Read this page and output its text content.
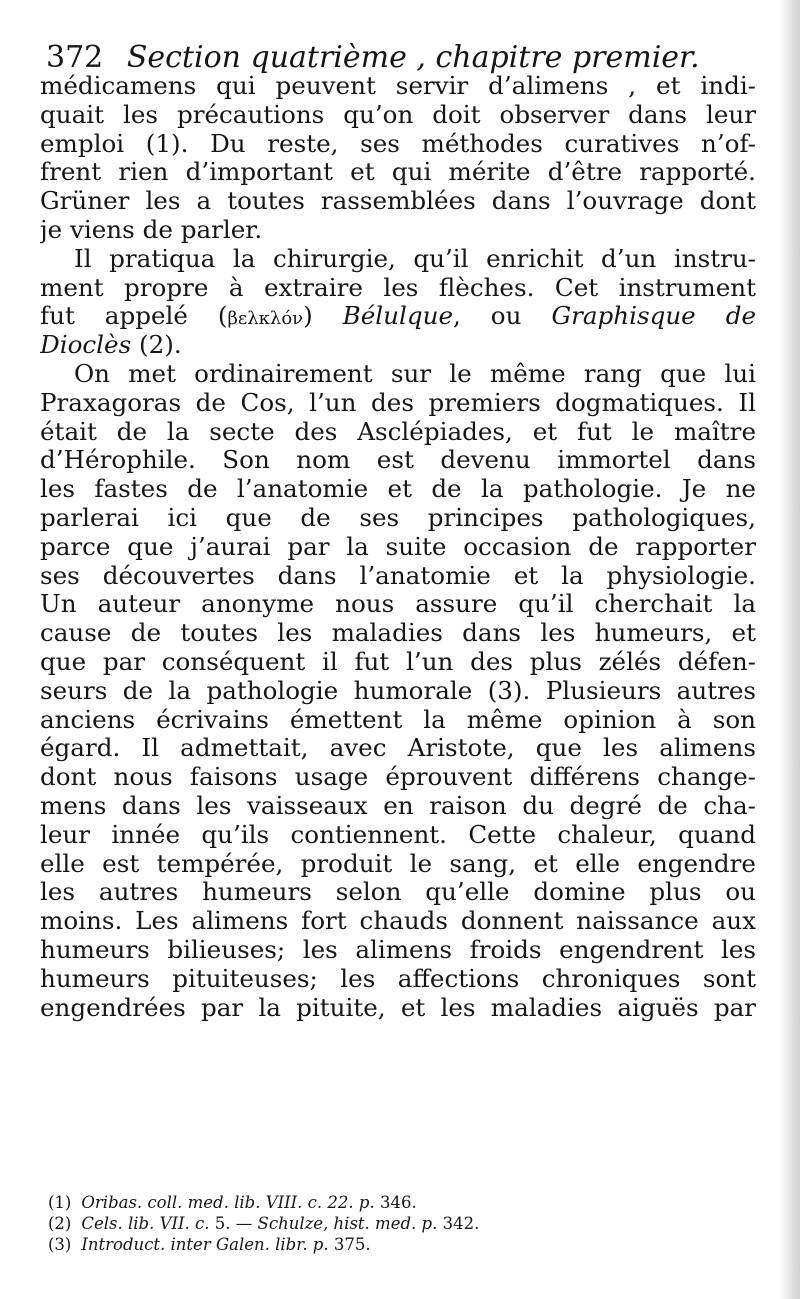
372 Section quatrième , chapitre premier.
médicamens qui peuvent servir d’alimens , et indi-
quait les précautions qu’on doit observer dans leur
emploi (1). Du reste, ses méthodes curatives n’of-
frent rien d’important et qui mérite d’être rapporté.
Grüner les a toutes rassemblées dans l’ouvrage dont
je viens de parler.
Il pratiqua la chirurgie, qu’il enrichit d’un instru-
ment propre à extraire les flèches. Cet instrument
fut appelé (βελκλόν) Bélulque, ou Graphisque de
Dioclès (2).
On met ordinairement sur le même rang que lui
Praxagoras de Cos, l’un des premiers dogmatiques. Il
était de la secte des Asclépiades, et fut le maître
d’Hérophile. Son nom est devenu immortel dans
les fastes de l’anatomie et de la pathologie. Je ne
parlerai ici que de ses principes pathologiques,
parce que j’aurai par la suite occasion de rapporter
ses découvertes dans l’anatomie et la physiologie.
Un auteur anonyme nous assure qu’il cherchait la
cause de toutes les maladies dans les humeurs, et
que par conséquent il fut l’un des plus zélés défen-
seurs de la pathologie humorale (3). Plusieurs autres
anciens écrivains émettent la même opinion à son
égard. Il admettait, avec Aristote, que les alimens
dont nous faisons usage éprouvent différens change-
mens dans les vaisseaux en raison du degré de cha-
leur innée qu’ils contiennent. Cette chaleur, quand
elle est tempérée, produit le sang, et elle engendre
les autres humeurs selon qu’elle domine plus ou
moins. Les alimens fort chauds donnent naissance aux
humeurs bilieuses; les alimens froids engendrent les
humeurs pituiteuses; les affections chroniques sont
engendrées par la pituite, et les maladies aiguës par
(1) Oribas. coll. med. lib. VIII. c. 22. p. 346.
(2) Cels. lib. VII. c. 5. — Schulze, hist. med. p. 342.
(3) Introduct. inter Galen. libr. p. 375.
